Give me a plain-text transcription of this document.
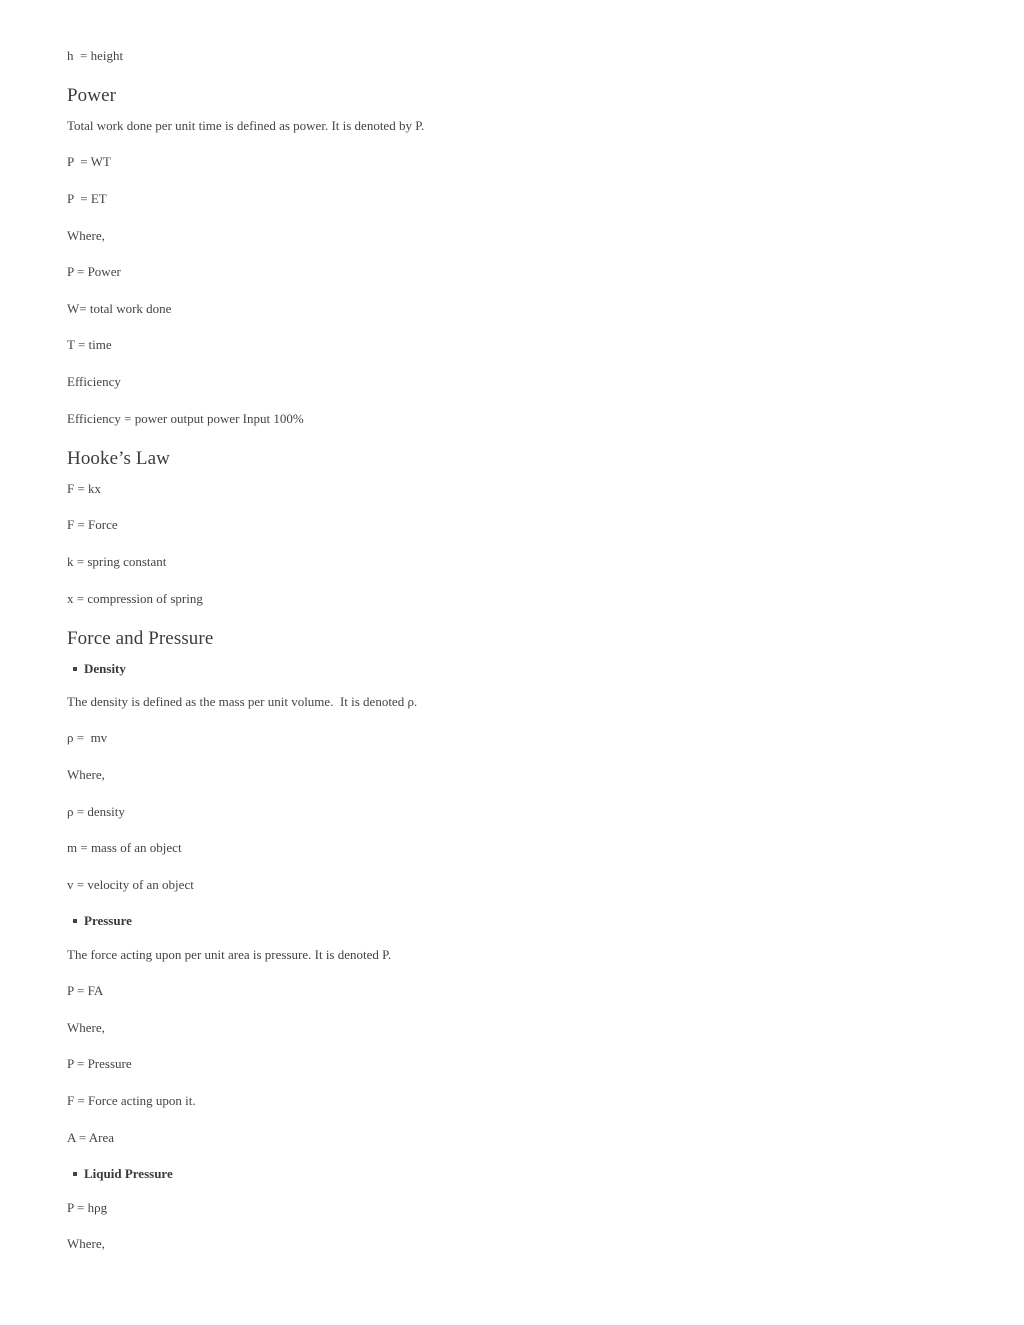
h  = height

Power

Total work done per unit time is defined as power. It is denoted by P.

P  = WT

P  = ET

Where,

P = Power

W= total work done

T = time

Efficiency

Efficiency = power output power Input 100%

Hooke’s Law

F = kx

F = Force

k = spring constant

x = compression of spring

Force and Pressure
Density

The density is defined as the mass per unit volume.  It is denoted ρ.

ρ =  mv

Where,

ρ = density

m = mass of an object

v = velocity of an object

Pressure

The force acting upon per unit area is pressure. It is denoted P.

P = FA

Where,

P = Pressure

F = Force acting upon it.

A = Area

Liquid Pressure

P = hρg

Where,
